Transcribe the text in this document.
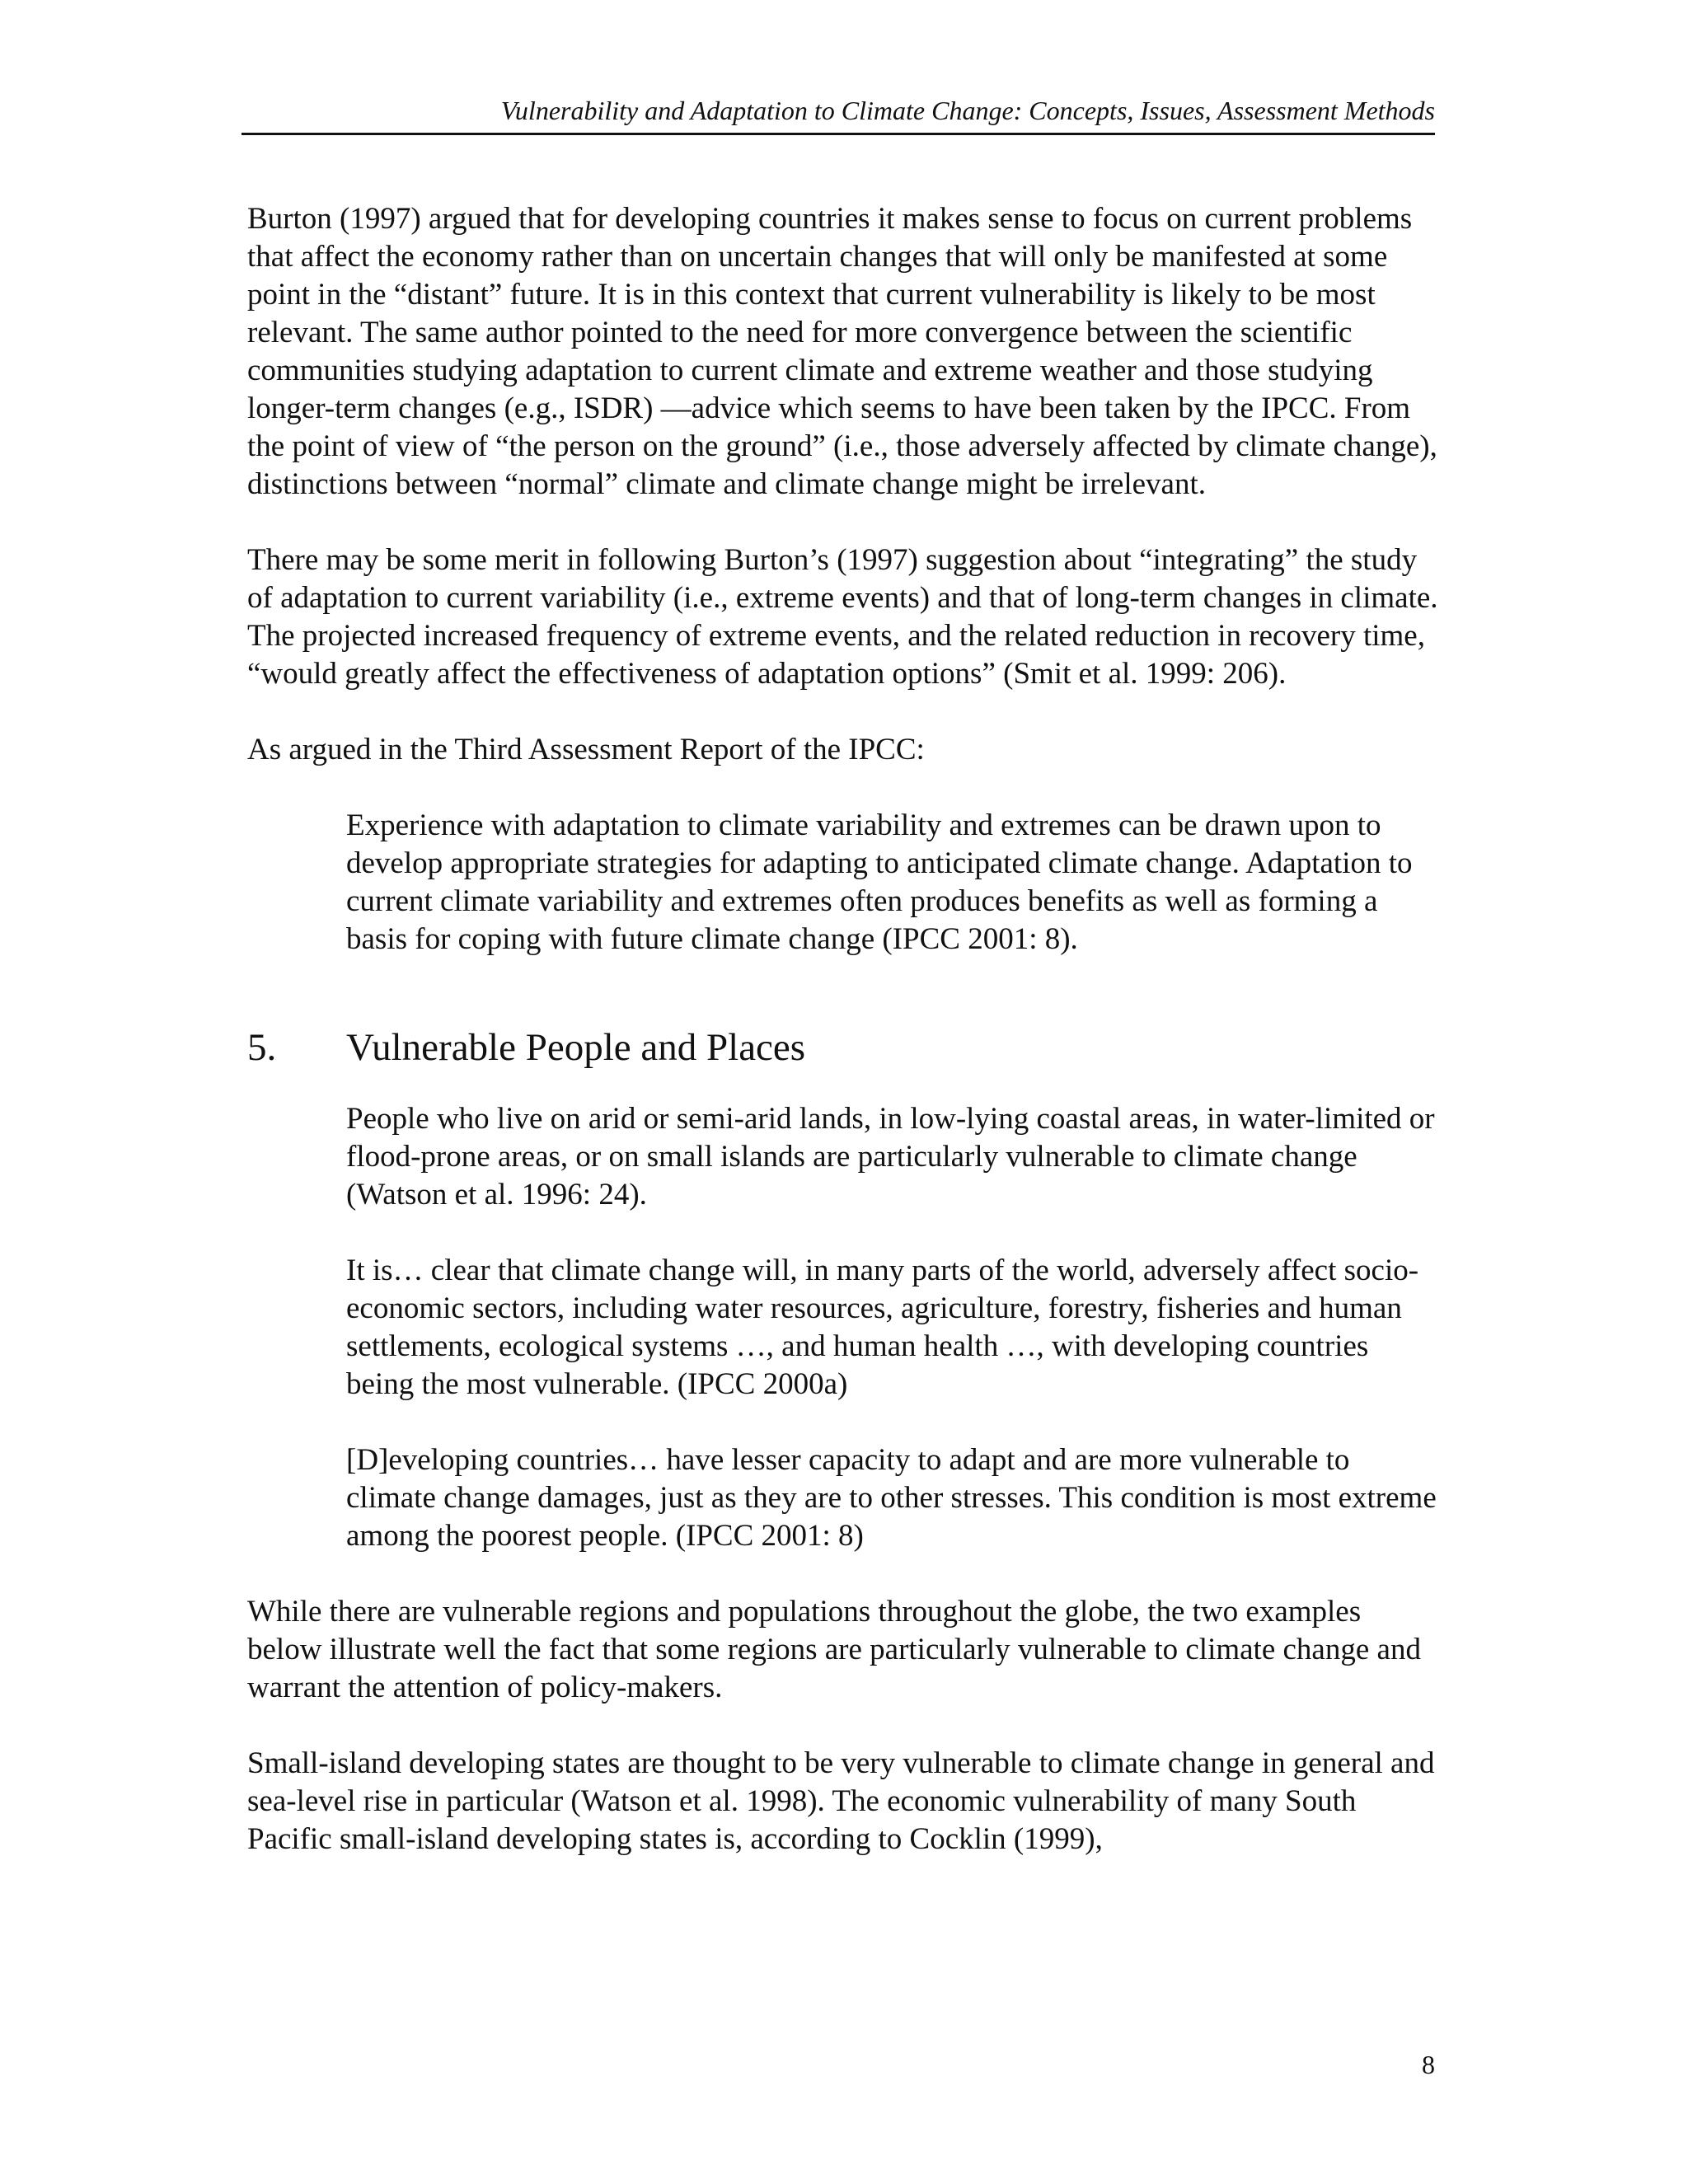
Vulnerability and Adaptation to Climate Change: Concepts, Issues, Assessment Methods

Burton (1997) argued that for developing countries it makes sense to focus on current problems that affect the economy rather than on uncertain changes that will only be manifested at some point in the “distant” future. It is in this context that current vulnerability is likely to be most relevant. The same author pointed to the need for more convergence between the scientific communities studying adaptation to current climate and extreme weather and those studying longer-term changes (e.g., ISDR) —advice which seems to have been taken by the IPCC. From the point of view of “the person on the ground” (i.e., those adversely affected by climate change), distinctions between “normal” climate and climate change might be irrelevant.

There may be some merit in following Burton’s (1997) suggestion about “integrating” the study of adaptation to current variability (i.e., extreme events) and that of long-term changes in climate. The projected increased frequency of extreme events, and the related reduction in recovery time, “would greatly affect the effectiveness of adaptation options” (Smit et al. 1999: 206).

As argued in the Third Assessment Report of the IPCC:

Experience with adaptation to climate variability and extremes can be drawn upon to develop appropriate strategies for adapting to anticipated climate change. Adaptation to current climate variability and extremes often produces benefits as well as forming a basis for coping with future climate change (IPCC 2001: 8).

5.	Vulnerable People and Places

People who live on arid or semi-arid lands, in low-lying coastal areas, in water-limited or flood-prone areas, or on small islands are particularly vulnerable to climate change (Watson et al. 1996: 24).

It is… clear that climate change will, in many parts of the world, adversely affect socio-economic sectors, including water resources, agriculture, forestry, fisheries and human settlements, ecological systems …, and human health …, with developing countries being the most vulnerable. (IPCC 2000a)

[D]eveloping countries… have lesser capacity to adapt and are more vulnerable to climate change damages, just as they are to other stresses. This condition is most extreme among the poorest people. (IPCC 2001: 8)

While there are vulnerable regions and populations throughout the globe, the two examples below illustrate well the fact that some regions are particularly vulnerable to climate change and warrant the attention of policy-makers.

Small-island developing states are thought to be very vulnerable to climate change in general and sea-level rise in particular (Watson et al. 1998). The economic vulnerability of many South Pacific small-island developing states is, according to Cocklin (1999),

8
